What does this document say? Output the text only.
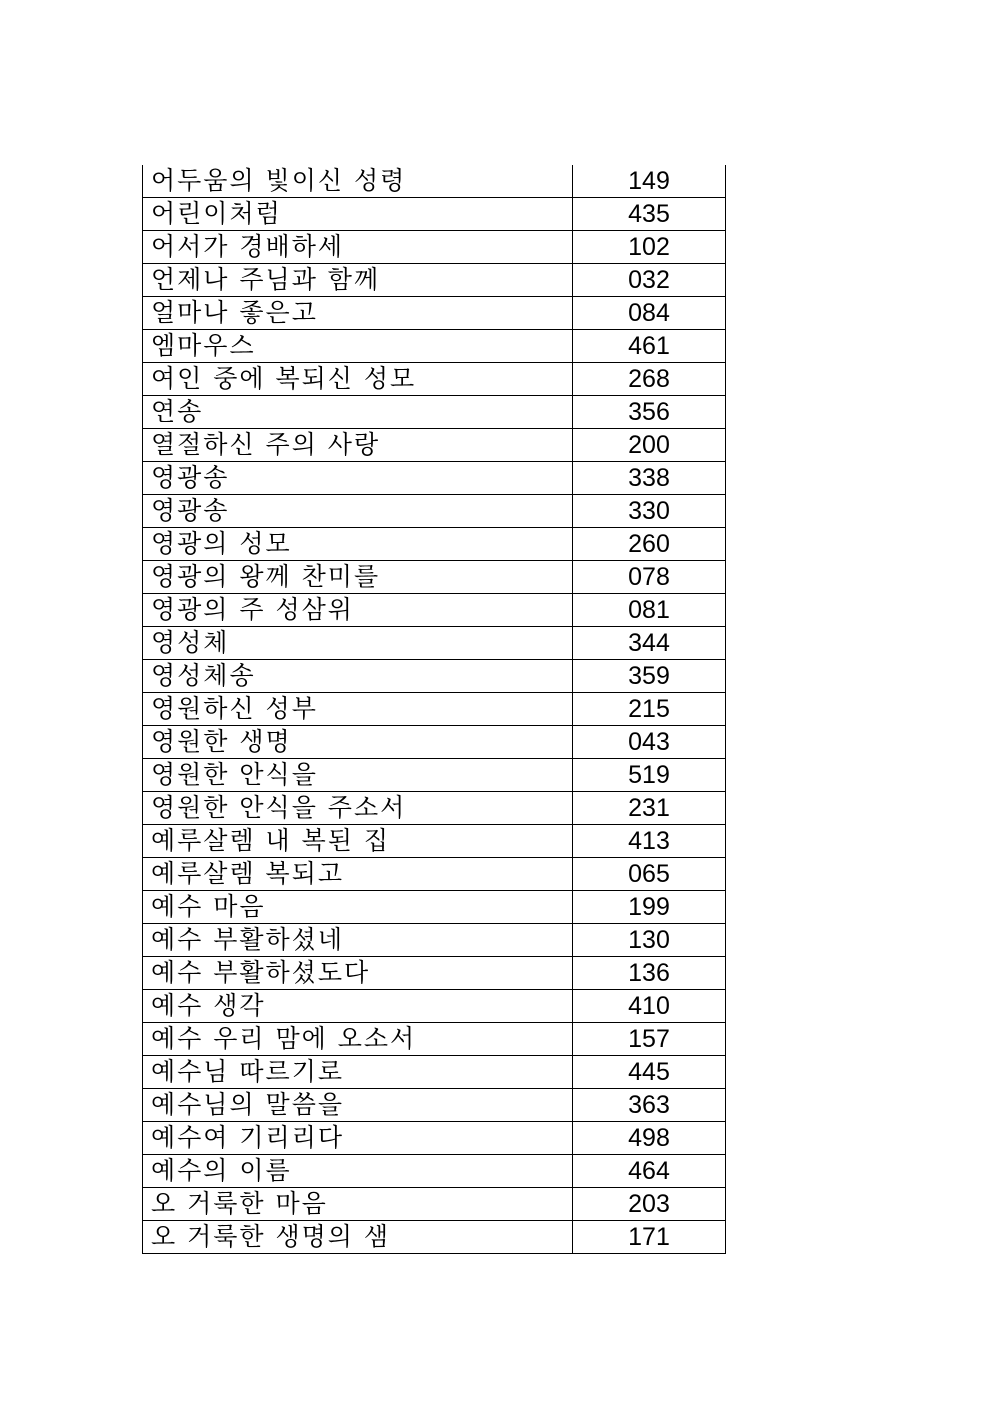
어두움의 빛이신 성령	149
어린이처럼	435
어서가 경배하세	102
언제나 주님과 함께	032
얼마나 좋은고	084
엠마우스	461
여인 중에 복되신 성모	268
연송	356
열절하신 주의 사랑	200
영광송	338
영광송	330
영광의 성모	260
영광의 왕께 찬미를	078
영광의 주 성삼위	081
영성체	344
영성체송	359
영원하신 성부	215
영원한 생명	043
영원한 안식을	519
영원한 안식을 주소서	231
예루살렘 내 복된 집	413
예루살렘 복되고	065
예수 마음	199
예수 부활하셨네	130
예수 부활하셨도다	136
예수 생각	410
예수 우리 맘에 오소서	157
예수님 따르기로	445
예수님의 말씀을	363
예수여 기리리다	498
예수의 이름	464
오 거룩한 마음	203
오 거룩한 생명의 샘	171
